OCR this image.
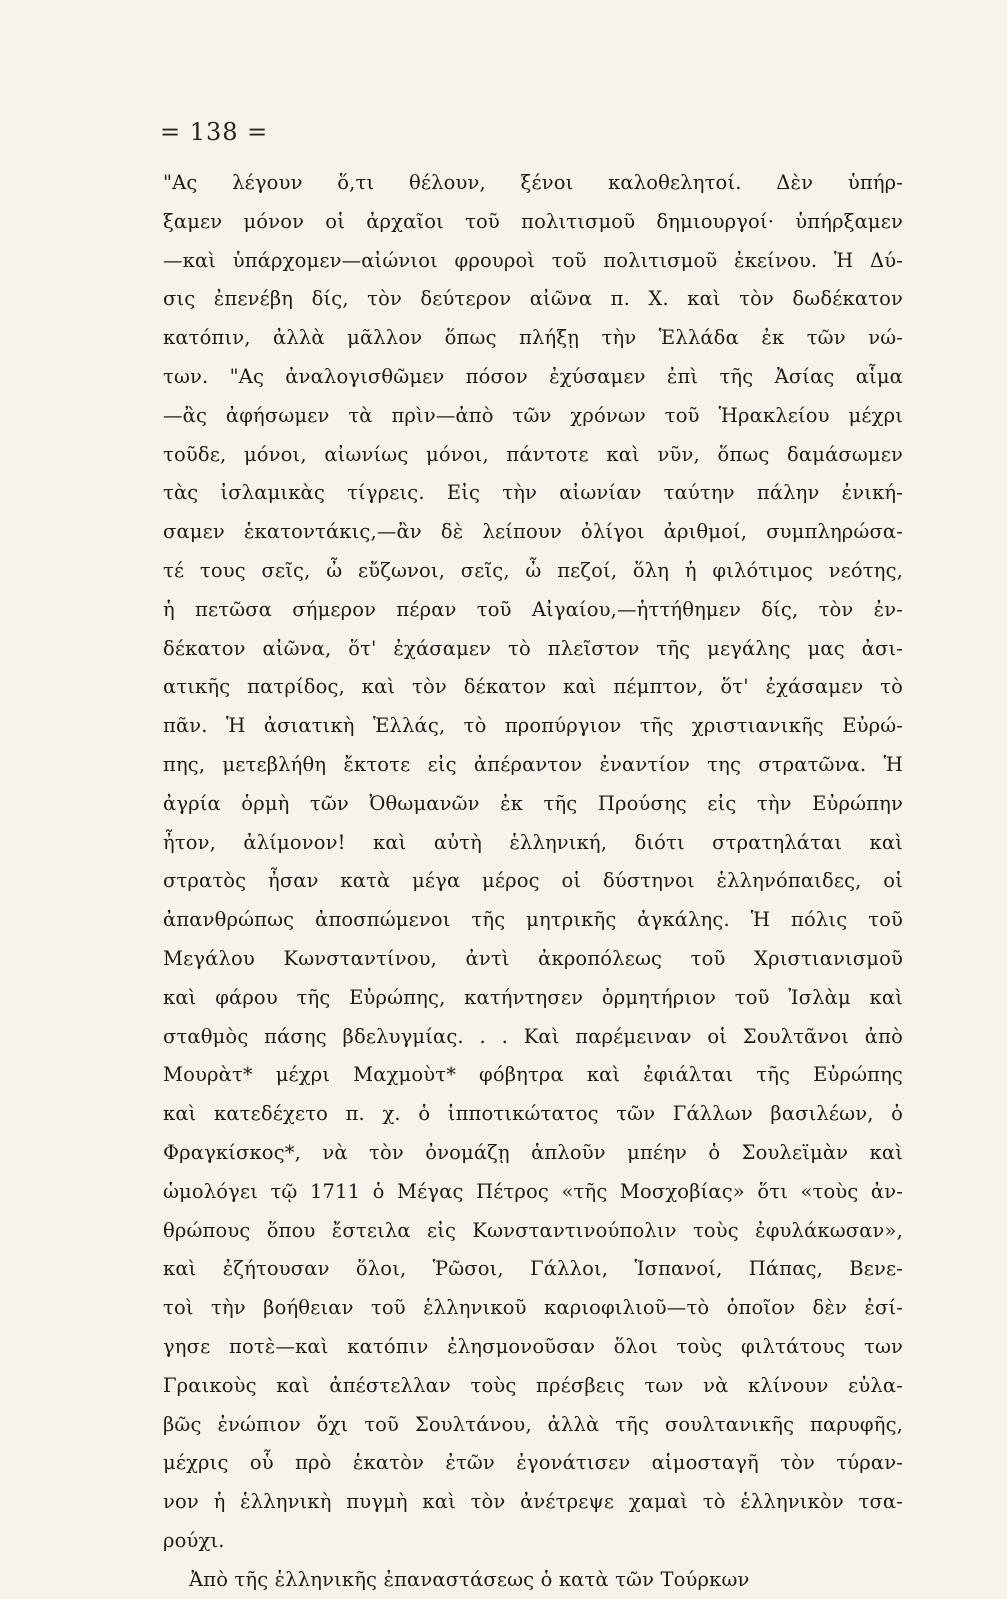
= 138 =
"Ας λέγουν ὅ,τι θέλουν, ξένοι καλοθελητοί. Δὲν ὑπήρ-
ξαμεν μόνον οἱ ἀρχαῖοι τοῦ πολιτισμοῦ δημιουργοί· ὑπήρξαμεν
—καὶ ὑπάρχομεν—αἰώνιοι φρουροὶ τοῦ πολιτισμοῦ ἐκείνου. Ἡ Δύ-
σις ἐπενέβη δίς, τὸν δεύτερον αἰῶνα π. Χ. καὶ τὸν δωδέκατον
κατόπιν, ἀλλὰ μᾶλλον ὅπως πλήξῃ τὴν Ἑλλάδα ἐκ τῶν νώ-
των. "Ας ἀναλογισθῶμεν πόσον ἐχύσαμεν ἐπὶ τῆς Ἀσίας αἷμα
—ἂς ἀφήσωμεν τὰ πρὶν—ἀπὸ τῶν χρόνων τοῦ Ἡρακλείου μέχρι
τοῦδε, μόνοι, αἰωνίως μόνοι, πάντοτε καὶ νῦν, ὅπως δαμάσωμεν
τὰς ἰσλαμικὰς τίγρεις. Εἰς τὴν αἰωνίαν ταύτην πάλην ἐνική-
σαμεν ἑκατοντάκις,—ἂν δὲ λείπουν ὀλίγοι ἀριθμοί, συμπληρώσα-
τέ τους σεῖς, ὦ εὔζωνοι, σεῖς, ὦ πεζοί, ὅλη ἡ φιλότιμος νεότης,
ἡ πετῶσα σήμερον πέραν τοῦ Αἰγαίου,—ἡττήθημεν δίς, τὸν ἐν-
δέκατον αἰῶνα, ὅτ' ἐχάσαμεν τὸ πλεῖστον τῆς μεγάλης μας ἀσι-
ατικῆς πατρίδος, καὶ τὸν δέκατον καὶ πέμπτον, ὅτ' ἐχάσαμεν τὸ
πᾶν. Ἡ ἀσιατικὴ Ἑλλάς, τὸ προπύργιον τῆς χριστιανικῆς Εὐρώ-
πης, μετεβλήθη ἔκτοτε εἰς ἀπέραντον ἐναντίον της στρατῶνα. Ἡ
ἀγρία ὁρμὴ τῶν Ὀθωμανῶν ἐκ τῆς Προύσης εἰς τὴν Εὐρώπην
ἦτον, ἀλίμονον! καὶ αὐτὴ ἑλληνική, διότι στρατηλάται καὶ
στρατὸς ἦσαν κατὰ μέγα μέρος οἱ δύστηνοι ἑλληνόπαιδες, οἱ
ἀπανθρώπως ἀποσπώμενοι τῆς μητρικῆς ἀγκάλης. Ἡ πόλις τοῦ
Μεγάλου Κωνσταντίνου, ἀντὶ ἀκροπόλεως τοῦ Χριστιανισμοῦ
καὶ φάρου τῆς Εὐρώπης, κατήντησεν ὁρμητήριον τοῦ Ἰσλὰμ καὶ
σταθμὸς πάσης βδελυγμίας. . . Καὶ παρέμειναν οἱ Σουλτᾶνοι ἀπὸ
Μουρὰτ* μέχρι Μαχμοὺτ* φόβητρα καὶ ἐφιάλται τῆς Εὐρώπης
καὶ κατεδέχετο π. χ. ὁ ἱπποτικώτατος τῶν Γάλλων βασιλέων, ὁ
Φραγκίσκος*, νὰ τὸν ὀνομάζῃ ἁπλοῦν μπέην ὁ Σουλεϊμὰν καὶ
ὡμολόγει τῷ 1711 ὁ Μέγας Πέτρος «τῆς Μοσχοβίας» ὅτι «τοὺς ἀν-
θρώπους ὅπου ἔστειλα εἰς Κωνσταντινούπολιν τοὺς ἐφυλάκωσαν»,
καὶ ἐζήτουσαν ὅλοι, Ῥῶσοι, Γάλλοι, Ἱσπανοί, Πάπας, Βενε-
τοὶ τὴν βοήθειαν τοῦ ἑλληνικοῦ καριοφιλιοῦ—τὸ ὁποῖον δὲν ἐσί-
γησε ποτὲ—καὶ κατόπιν ἐλησμονοῦσαν ὅλοι τοὺς φιλτάτους των
Γραικοὺς καὶ ἀπέστελλαν τοὺς πρέσβεις των νὰ κλίνουν εὐλα-
βῶς ἐνώπιον ὄχι τοῦ Σουλτάνου, ἀλλὰ τῆς σουλτανικῆς παρυφῆς,
μέχρις οὗ πρὸ ἑκατὸν ἐτῶν ἐγονάτισεν αἱμοσταγῆ τὸν τύραν-
νον ἡ ἑλληνικὴ πυγμὴ καὶ τὸν ἀνέτρεψε χαμαὶ τὸ ἑλληνικὸν τσα-
ρούχι.
Ἀπὸ τῆς ἑλληνικῆς ἐπαναστάσεως ὁ κατὰ τῶν Τούρκων
